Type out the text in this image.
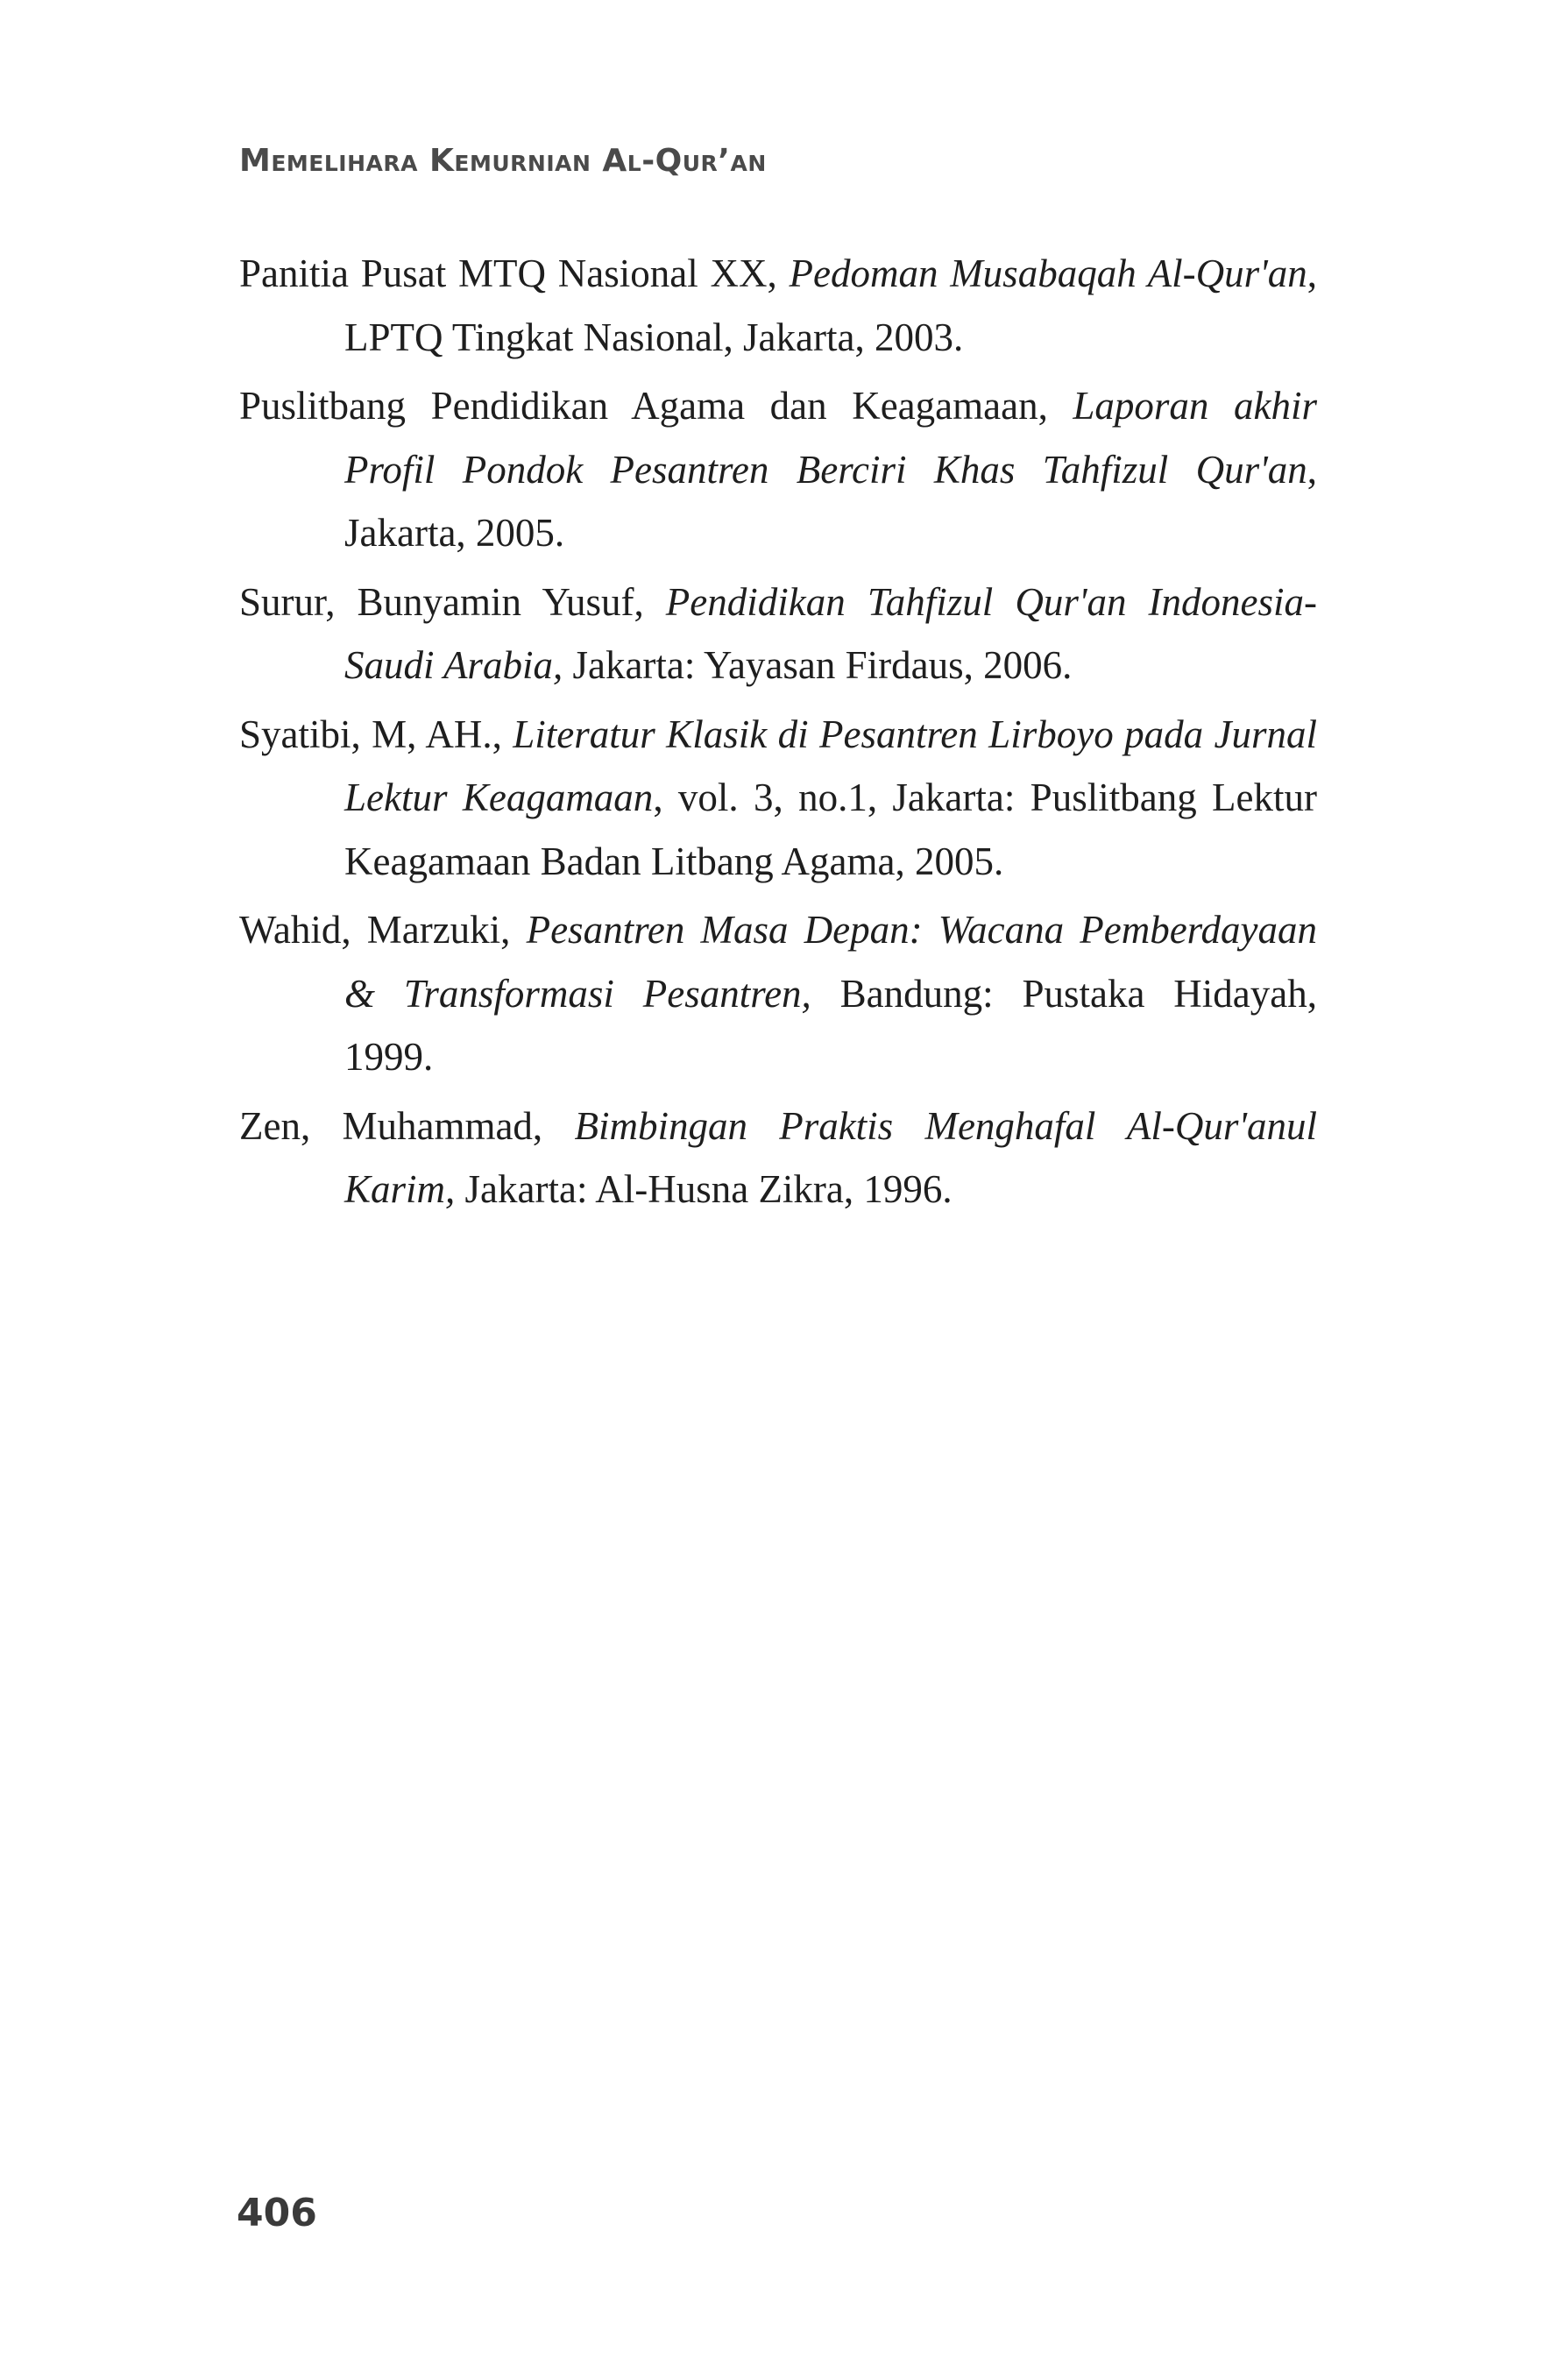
Memelihara Kemurnian Al-Qur’an

Panitia Pusat MTQ Nasional XX, Pedoman Musabaqah Al-Qur'an, LPTQ Tingkat Nasional, Jakarta, 2003.

Puslitbang Pendidikan Agama dan Keagamaan, Laporan akhir Profil Pondok Pesantren Berciri Khas Tahfizul Qur'an, Jakarta, 2005.

Surur, Bunyamin Yusuf, Pendidikan Tahfizul Qur'an Indonesia-Saudi Arabia, Jakarta: Yayasan Firdaus, 2006.

Syatibi, M, AH., Literatur Klasik di Pesantren Lirboyo pada Jurnal Lektur Keagamaan, vol. 3, no.1, Jakarta: Puslitbang Lektur Keagamaan Badan Litbang Agama, 2005.

Wahid, Marzuki, Pesantren Masa Depan: Wacana Pemberdayaan & Transformasi Pesantren, Bandung: Pustaka Hidayah, 1999.

Zen, Muhammad, Bimbingan Praktis Menghafal Al-Qur'anul Karim, Jakarta: Al-Husna Zikra, 1996.

406
